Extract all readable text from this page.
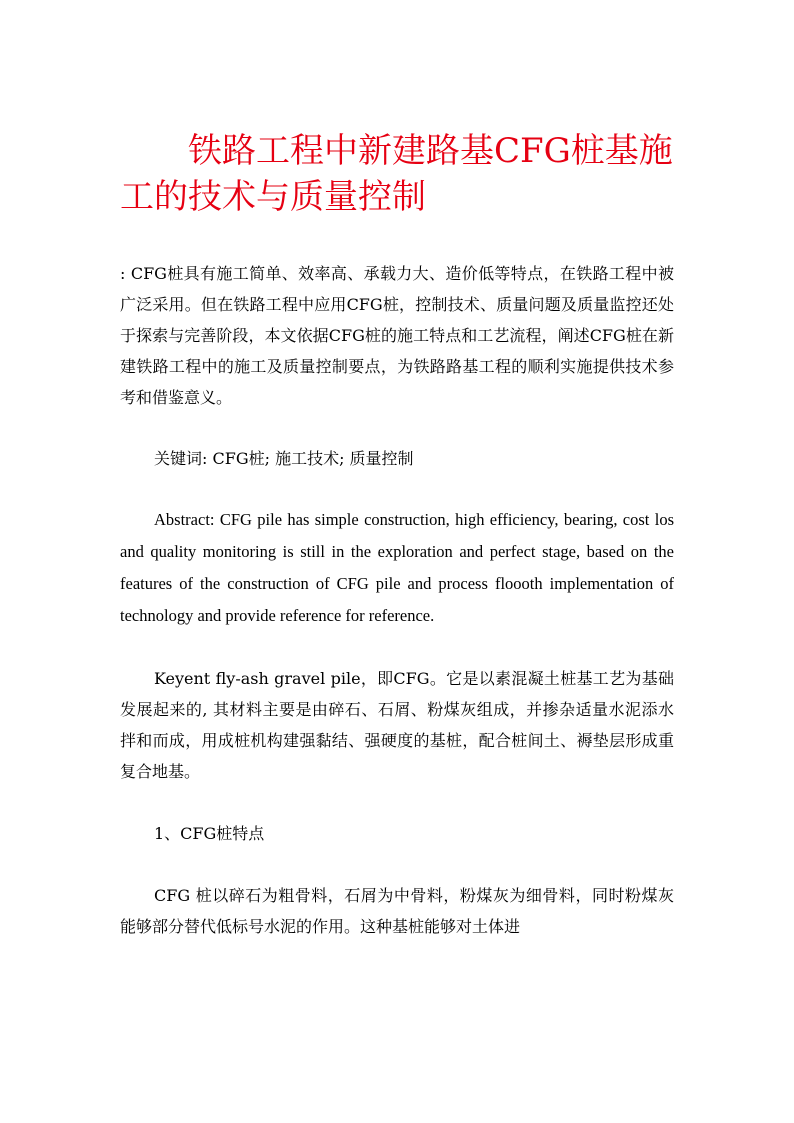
铁路工程中新建路基CFG桩基施工的技术与质量控制

: CFG桩具有施工简单、效率高、承载力大、造价低等特点，在铁路工程中被广泛采用。但在铁路工程中应用CFG桩，控制技术、质量问题及质量监控还处于探索与完善阶段，本文依据CFG桩的施工特点和工艺流程，阐述CFG桩在新建铁路工程中的施工及质量控制要点，为铁路路基工程的顺利实施提供技术参考和借鉴意义。

关键词: CFG桩; 施工技术; 质量控制

Abstract: CFG pile has simple construction, high efficiency, bearing, cost los and quality monitoring is still in the exploration and perfect stage, based on the features of the construction of CFG pile and process floooth implementation of technology and provide reference for reference.

Keyent fly-ash gravel pile，即CFG。它是以素混凝土桩基工艺为基础发展起来的, 其材料主要是由碎石、石屑、粉煤灰组成，并掺杂适量水泥添水拌和而成，用成桩机构建强黏结、强硬度的基桩，配合桩间土、褥垫层形成重复合地基。

1、CFG桩特点

CFG 桩以碎石为粗骨料，石屑为中骨料，粉煤灰为细骨料，同时粉煤灰能够部分替代低标号水泥的作用。这种基桩能够对土体进
